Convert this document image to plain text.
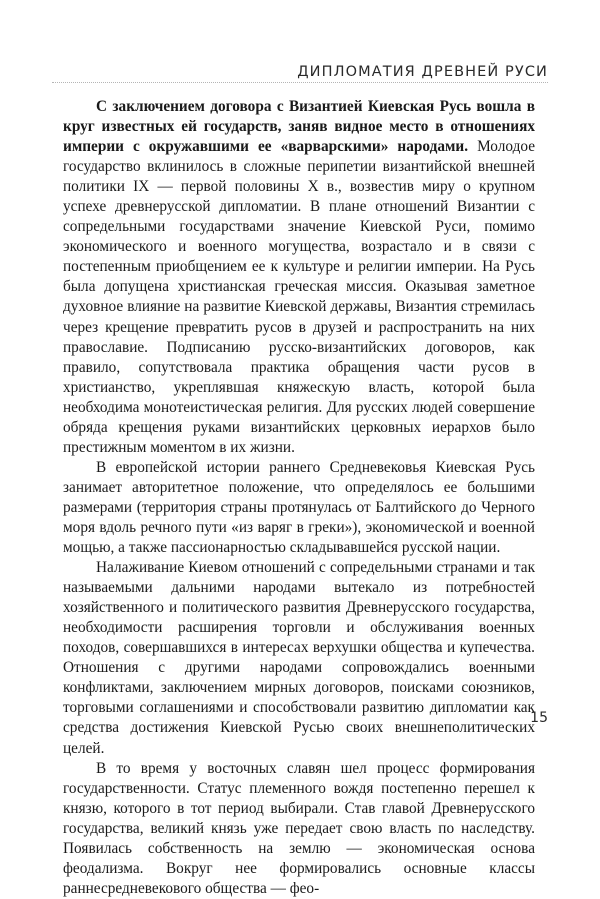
ДИПЛОМАТИЯ ДРЕВНЕЙ РУСИ

С заключением договора с Византией Киевская Русь вошла в круг известных ей государств, заняв видное место в отношениях империи с окружавшими ее «варварскими» народами. Молодое государство вклинилось в сложные перипетии византийской внешней политики IX — первой половины X в., возвестив миру о крупном успехе древнерусской дипломатии. В плане отношений Византии с сопредельными государствами значение Киевской Руси, помимо экономического и военного могущества, возрастало и в связи с постепенным приобщением ее к культуре и религии империи. На Русь была допущена христианская греческая миссия. Оказывая заметное духовное влияние на развитие Киевской державы, Византия стремилась через крещение превратить русов в друзей и распространить на них православие. Подписанию русско-византийских договоров, как правило, сопутствовала практика обращения части русов в христианство, укреплявшая княжескую власть, которой была необходима монотеистическая религия. Для русских людей совершение обряда крещения руками византийских церковных иерархов было престижным моментом в их жизни.

В европейской истории раннего Средневековья Киевская Русь занимает авторитетное положение, что определялось ее большими размерами (территория страны протянулась от Балтийского до Черного моря вдоль речного пути «из варяг в греки»), экономической и военной мощью, а также пассионарностью складывавшейся русской нации.

Налаживание Киевом отношений с сопредельными странами и так называемыми дальними народами вытекало из потребностей хозяйственного и политического развития Древнерусского государства, необходимости расширения торговли и обслуживания военных походов, совершавшихся в интересах верхушки общества и купечества. Отношения с другими народами сопровождались военными конфликтами, заключением мирных договоров, поисками союзников, торговыми соглашениями и способствовали развитию дипломатии как средства достижения Киевской Русью своих внешнеполитических целей.

В то время у восточных славян шел процесс формирования государственности. Статус племенного вождя постепенно перешел к князю, которого в тот период выбирали. Став главой Древнерусского государства, великий князь уже передает свою власть по наследству. Появилась собственность на землю — экономическая основа феодализма. Вокруг нее формировались основные классы раннесредневекового общества — фео-

15
